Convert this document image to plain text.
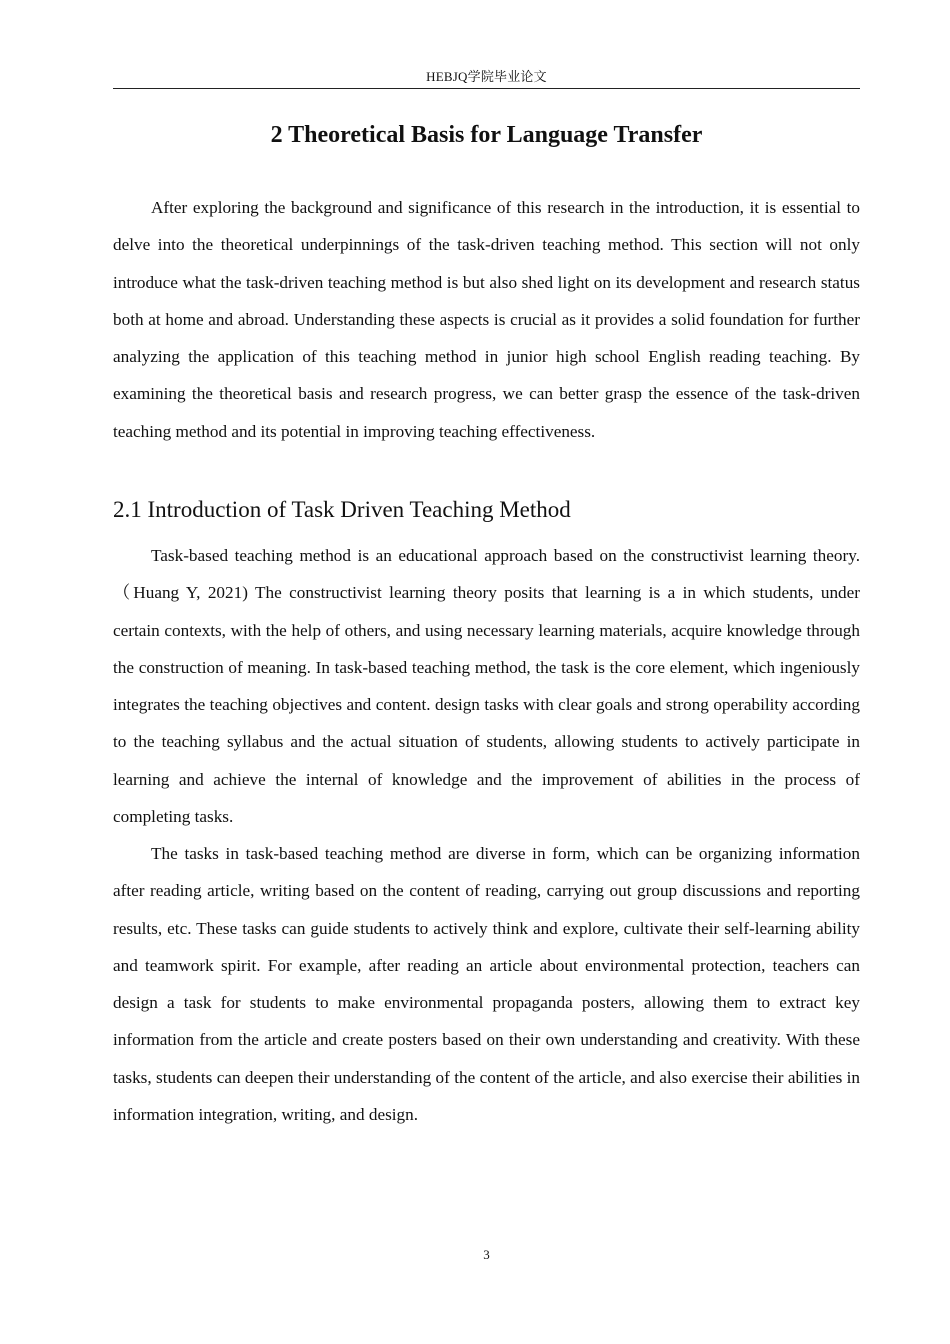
HEBJQ学院毕业论文
2 Theoretical Basis for Language Transfer

After exploring the background and significance of this research in the introduction, it is essential to delve into the theoretical underpinnings of the task-driven teaching method. This section will not only introduce what the task-driven teaching method is but also shed light on its development and research status both at home and abroad. Understanding these aspects is crucial as it provides a solid foundation for further analyzing the application of this teaching method in junior high school English reading teaching. By examining the theoretical basis and research progress, we can better grasp the essence of the task-driven teaching method and its potential in improving teaching effectiveness.

2.1 Introduction of Task Driven Teaching Method

Task-based teaching method is an educational approach based on the constructivist learning theory.（Huang Y, 2021) The constructivist learning theory posits that learning is a in which students, under certain contexts, with the help of others, and using necessary learning materials, acquire knowledge through the construction of meaning. In task-based teaching method, the task is the core element, which ingeniously integrates the teaching objectives and content. design tasks with clear goals and strong operability according to the teaching syllabus and the actual situation of students, allowing students to actively participate in learning and achieve the internal of knowledge and the improvement of abilities in the process of completing tasks.

The tasks in task-based teaching method are diverse in form, which can be organizing information after reading article, writing based on the content of reading, carrying out group discussions and reporting results, etc. These tasks can guide students to actively think and explore, cultivate their self-learning ability and teamwork spirit. For example, after reading an article about environmental protection, teachers can design a task for students to make environmental propaganda posters, allowing them to extract key information from the article and create posters based on their own understanding and creativity. With these tasks, students can deepen their understanding of the content of the article, and also exercise their abilities in information integration, writing, and design.

3
